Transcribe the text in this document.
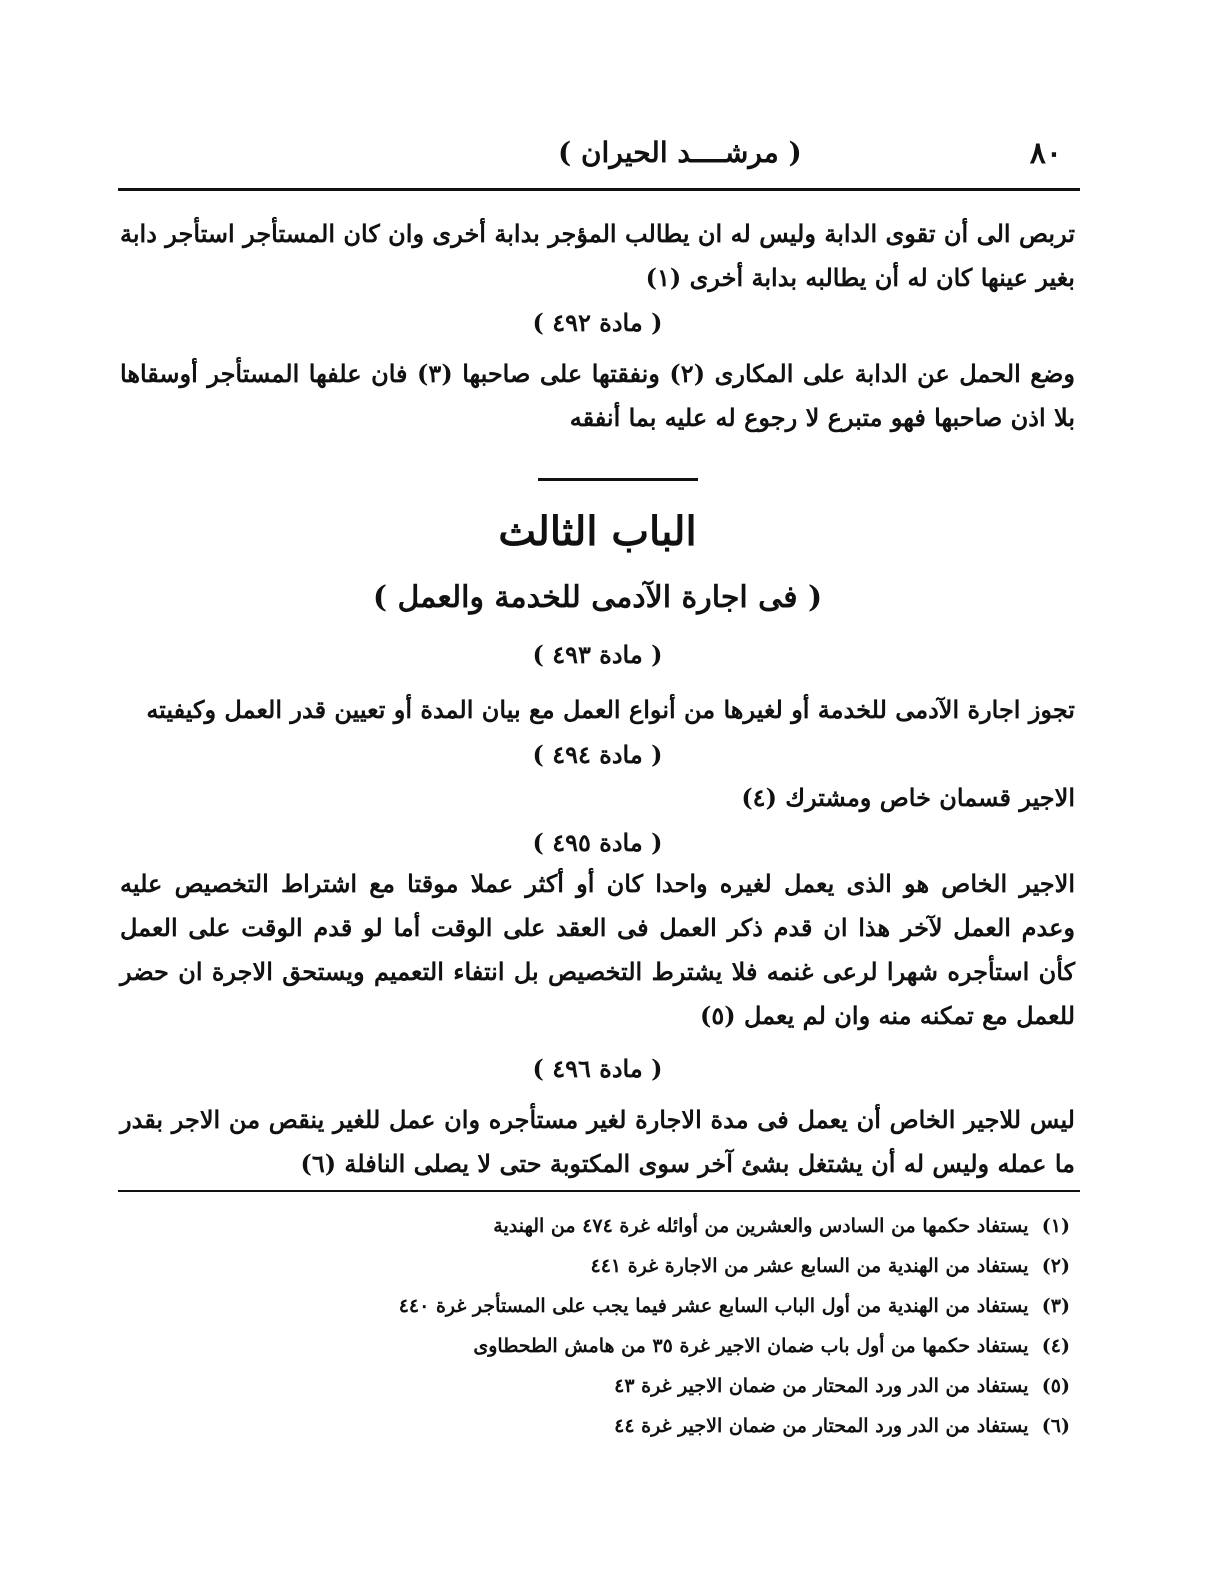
٨٠
( مرشــــد الحيران )
تربص الى أن تقوى الدابة وليس له ان يطالب المؤجر بدابة أخرى وان كان المستأجر استأجر دابة بغير عينها كان له أن يطالبه بدابة أخرى (١)
( مادة ٤٩٢ )
وضع الحمل عن الدابة على المكارى (٢) ونفقتها على صاحبها (٣) فان علفها المستأجر أوسقاها بلا اذن صاحبها فهو متبرع لا رجوع له عليه بما أنفقه
الباب الثالث
( فى اجارة الآدمى للخدمة والعمل )
( مادة ٤٩٣ )
تجوز اجارة الآدمى للخدمة أو لغيرها من أنواع العمل مع بيان المدة أو تعيين قدر العمل وكيفيته
( مادة ٤٩٤ )
الاجير قسمان خاص ومشترك (٤)
( مادة ٤٩٥ )
الاجير الخاص هو الذى يعمل لغيره واحدا كان أو أكثر عملا موقتا مع اشتراط التخصيص عليه وعدم العمل لآخر هذا ان قدم ذكر العمل فى العقد على الوقت أما لو قدم الوقت على العمل كأن استأجره شهرا لرعى غنمه فلا يشترط التخصيص بل انتفاء التعميم ويستحق الاجرة ان حضر للعمل مع تمكنه منه وان لم يعمل (٥)
( مادة ٤٩٦ )
ليس للاجير الخاص أن يعمل فى مدة الاجارة لغير مستأجره وان عمل للغير ينقص من الاجر بقدر ما عمله وليس له أن يشتغل بشئ آخر سوى المكتوبة حتى لا يصلى النافلة (٦)
(١)  يستفاد حكمها من السادس والعشرين من أوائله غرة ٤٧٤ من الهندية
(٢)  يستفاد من الهندية من السابع عشر من الاجارة غرة ٤٤١
(٣)  يستفاد من الهندية من أول الباب السابع عشر فيما يجب على المستأجر غرة ٤٤٠
(٤)  يستفاد حكمها من أول باب ضمان الاجير غرة ٣٥ من هامش الطحطاوى
(٥)  يستفاد من الدر ورد المحتار من ضمان الاجير غرة ٤٣
(٦)  يستفاد من الدر ورد المحتار من ضمان الاجير غرة ٤٤
